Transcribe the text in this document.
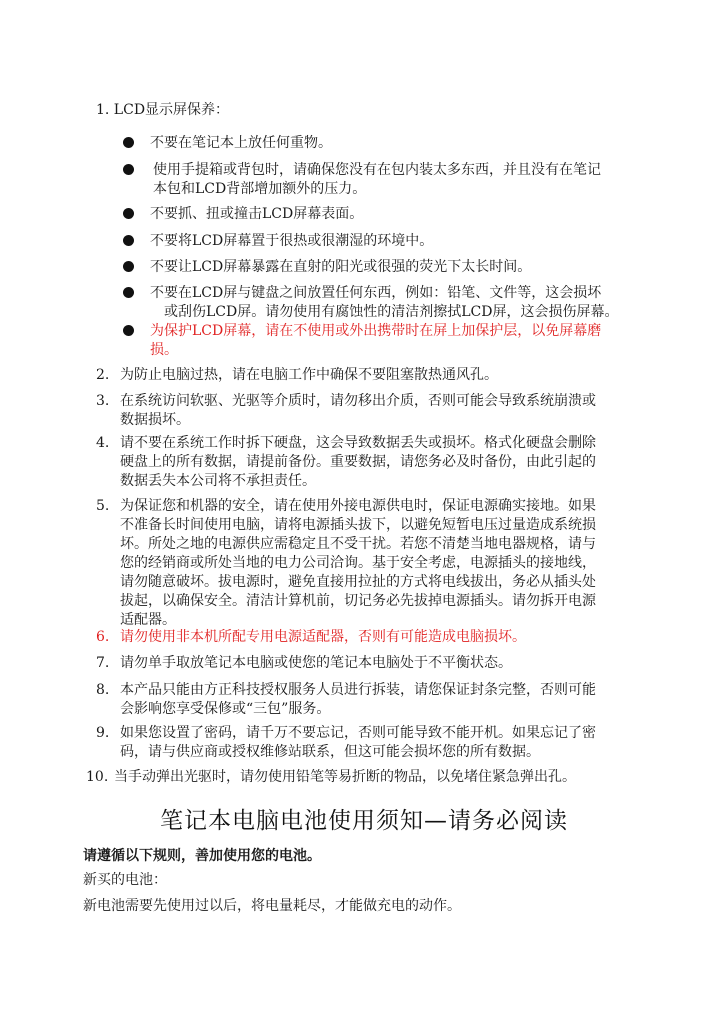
1. LCD显示屏保养：
不要在笔记本上放任何重物。
使用手提箱或背包时，请确保您没有在包内装太多东西，并且没有在笔记
本包和LCD背部增加额外的压力。
不要抓、扭或撞击LCD屏幕表面。
不要将LCD屏幕置于很热或很潮湿的环境中。
不要让LCD屏幕暴露在直射的阳光或很强的荧光下太长时间。
不要在LCD屏与键盘之间放置任何东西，例如：铅笔、文件等，这会损坏
或刮伤LCD屏。请勿使用有腐蚀性的清洁剂擦拭LCD屏，这会损伤屏幕。
为保护LCD屏幕，请在不使用或外出携带时在屏上加保护层，以免屏幕磨
损。
2. 为防止电脑过热，请在电脑工作中确保不要阻塞散热通风孔。
3. 在系统访问软驱、光驱等介质时，请勿移出介质，否则可能会导致系统崩溃或
数据损坏。
4. 请不要在系统工作时拆下硬盘，这会导致数据丢失或损坏。格式化硬盘会删除
硬盘上的所有数据，请提前备份。重要数据，请您务必及时备份，由此引起的
数据丢失本公司将不承担责任。
5. 为保证您和机器的安全，请在使用外接电源供电时，保证电源确实接地。如果
不准备长时间使用电脑，请将电源插头拔下，以避免短暂电压过量造成系统损
坏。所处之地的电源供应需稳定且不受干扰。若您不清楚当地电器规格，请与
您的经销商或所处当地的电力公司洽询。基于安全考虑，电源插头的接地线，
请勿随意破坏。拔电源时，避免直接用拉扯的方式将电线拔出，务必从插头处
拔起，以确保安全。清洁计算机前，切记务必先拔掉电源插头。请勿拆开电源
适配器。
6. 请勿使用非本机所配专用电源适配器，否则有可能造成电脑损坏。
7. 请勿单手取放笔记本电脑或使您的笔记本电脑处于不平衡状态。
8. 本产品只能由方正科技授权服务人员进行拆装，请您保证封条完整，否则可能
会影响您享受保修或“三包”服务。
9. 如果您设置了密码，请千万不要忘记，否则可能导致不能开机。如果忘记了密
码，请与供应商或授权维修站联系，但这可能会损坏您的所有数据。
10. 当手动弹出光驱时，请勿使用铅笔等易折断的物品，以免堵住紧急弹出孔。
笔记本电脑电池使用须知—请务必阅读
请遵循以下规则，善加使用您的电池。
新买的电池：
新电池需要先使用过以后，将电量耗尽，才能做充电的动作。
